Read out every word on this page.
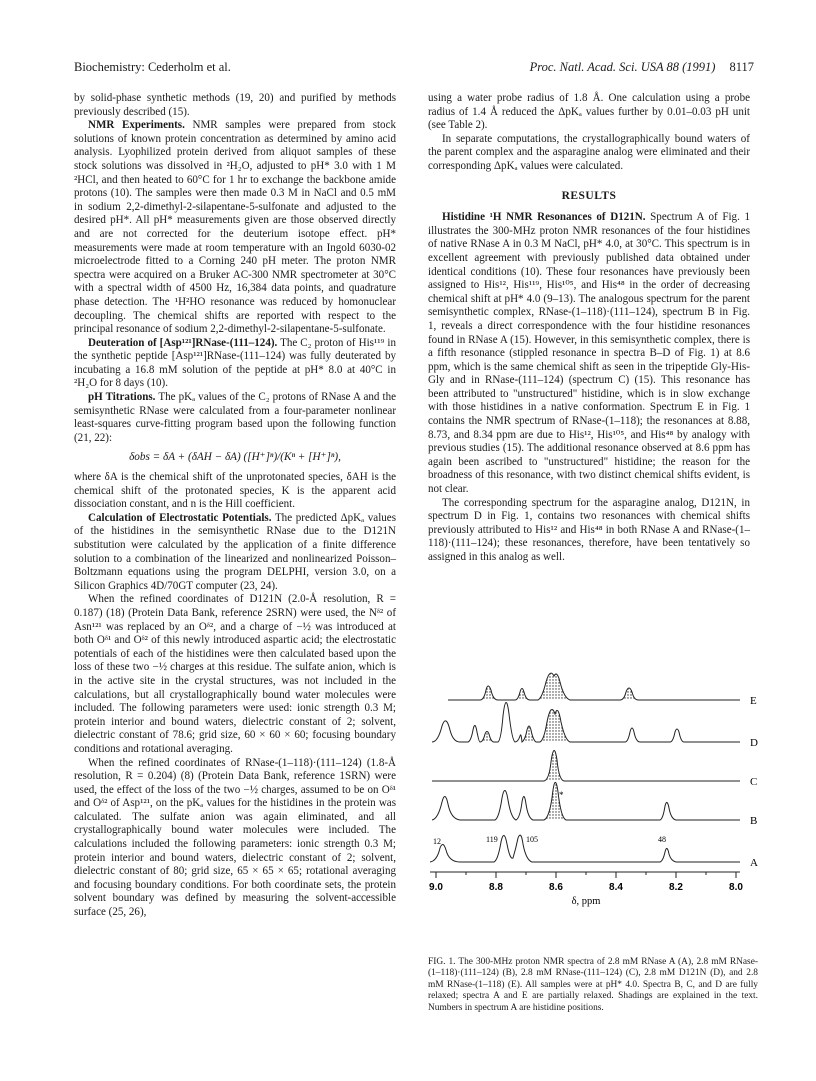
Biochemistry: Cederholm et al.	Proc. Natl. Acad. Sci. USA 88 (1991) 8117

by solid-phase synthetic methods (19, 20) and purified by methods previously described (15).

NMR Experiments. NMR samples were prepared from stock solutions of known protein concentration as determined by amino acid analysis. Lyophilized protein derived from aliquot samples of these stock solutions was dissolved in ²H₂O, adjusted to pH* 3.0 with 1 M ²HCl, and then heated to 60°C for 1 hr to exchange the backbone amide protons (10). The samples were then made 0.3 M in NaCl and 0.5 mM in sodium 2,2-dimethyl-2-silapentane-5-sulfonate and adjusted to the desired pH*. All pH* measurements given are those observed directly and are not corrected for the deuterium isotope effect. pH* measurements were made at room temperature with an Ingold 6030-02 microelectrode fitted to a Corning 240 pH meter. The proton NMR spectra were acquired on a Bruker AC-300 NMR spectrometer at 30°C with a spectral width of 4500 Hz, 16,384 data points, and quadrature phase detection. The ¹H²HO resonance was reduced by homonuclear decoupling. The chemical shifts are reported with respect to the principal resonance of sodium 2,2-dimethyl-2-silapentane-5-sulfonate.

Deuteration of [Asp¹²¹]RNase-(111–124). The C₂ proton of His¹¹⁹ in the synthetic peptide [Asp¹²¹]RNase-(111–124) was fully deuterated by incubating a 16.8 mM solution of the peptide at pH* 8.0 at 40°C in ²H₂O for 8 days (10).

pH Titrations. The pKₐ values of the C₂ protons of RNase A and the semisynthetic RNase were calculated from a four-parameter nonlinear least-squares curve-fitting program based upon the following function (21, 22):

δobs = δA + (δAH − δA) ([H⁺]ⁿ)/(Kⁿ + [H⁺]ⁿ),

where δA is the chemical shift of the unprotonated species, δAH is the chemical shift of the protonated species, K is the apparent acid dissociation constant, and n is the Hill coefficient.

Calculation of Electrostatic Potentials. The predicted ΔpKₐ values of the histidines in the semisynthetic RNase due to the D121N substitution were calculated by the application of a finite difference solution to a combination of the linearized and nonlinearized Poisson–Boltzmann equations using the program DELPHI, version 3.0, on a Silicon Graphics 4D/70GT computer (23, 24).

When the refined coordinates of D121N (2.0-Å resolution, R = 0.187) (18) (Protein Data Bank, reference 2SRN) were used, the Nᵟ² of Asn¹²¹ was replaced by an Oᵟ², and a charge of −½ was introduced at both Oᵟ¹ and Oᵟ² of this newly introduced aspartic acid; the electrostatic potentials of each of the histidines were then calculated based upon the loss of these two −½ charges at this residue. The sulfate anion, which is in the active site in the crystal structures, was not included in the calculations, but all crystallographically bound water molecules were included. The following parameters were used: ionic strength 0.3 M; protein interior and bound waters, dielectric constant of 2; solvent, dielectric constant of 78.6; grid size, 60 × 60 × 60; focusing boundary conditions and rotational averaging.

When the refined coordinates of RNase-(1–118)·(111–124) (1.8-Å resolution, R = 0.204) (8) (Protein Data Bank, reference 1SRN) were used, the effect of the loss of the two −½ charges, assumed to be on Oᵟ¹ and Oᵟ² of Asp¹²¹, on the pKₐ values for the histidines in the protein was calculated. The sulfate anion was again eliminated, and all crystallographically bound water molecules were included. The calculations included the following parameters: ionic strength 0.3 M; protein interior and bound waters, dielectric constant of 2; solvent, dielectric constant of 80; grid size, 65 × 65 × 65; rotational averaging and focusing boundary conditions. For both coordinate sets, the protein solvent boundary was defined by measuring the solvent-accessible surface (25, 26),

using a water probe radius of 1.8 Å. One calculation using a probe radius of 1.4 Å reduced the ΔpKₐ values further by 0.01–0.03 pH unit (see Table 2).

In separate computations, the crystallographically bound waters of the parent complex and the asparagine analog were eliminated and their corresponding ΔpKₐ values were calculated.

RESULTS

Histidine ¹H NMR Resonances of D121N. Spectrum A of Fig. 1 illustrates the 300-MHz proton NMR resonances of the four histidines of native RNase A in 0.3 M NaCl, pH* 4.0, at 30°C. This spectrum is in excellent agreement with previously published data obtained under identical conditions (10). These four resonances have previously been assigned to His¹², His¹¹⁹, His¹⁰⁵, and His⁴⁸ in the order of decreasing chemical shift at pH* 4.0 (9–13). The analogous spectrum for the parent semisynthetic complex, RNase-(1–118)·(111–124), spectrum B in Fig. 1, reveals a direct correspondence with the four histidine resonances found in RNase A (15). However, in this semisynthetic complex, there is a fifth resonance (stippled resonance in spectra B–D of Fig. 1) at 8.6 ppm, which is the same chemical shift as seen in the tripeptide Gly-His-Gly and in RNase-(111–124) (spectrum C) (15). This resonance has been attributed to "unstructured" histidine, which is in slow exchange with those histidines in a native conformation. Spectrum E in Fig. 1 contains the NMR spectrum of RNase-(1–118); the resonances at 8.88, 8.73, and 8.34 ppm are due to His¹², His¹⁰⁵, and His⁴⁸ by analogy with previous studies (15). The additional resonance observed at 8.6 ppm has again been ascribed to "unstructured" histidine; the reason for the broadness of this resonance, with two distinct chemical shifts evident, is not clear.

The corresponding spectrum for the asparagine analog, D121N, in spectrum D in Fig. 1, contains two resonances with chemical shifts previously attributed to His¹² and His⁴⁸ in both RNase A and RNase-(1–118)·(111–124); these resonances, therefore, have been tentatively so assigned in this analog as well.

E
D
C
*
B
12	119	105	48
A
9.0	8.8	8.6	8.4	8.2	8.0
δ, ppm
FIG. 1. The 300-MHz proton NMR spectra of 2.8 mM RNase A (A), 2.8 mM RNase-(1–118)·(111–124) (B), 2.8 mM RNase-(111–124) (C), 2.8 mM D121N (D), and 2.8 mM RNase-(1–118) (E). All samples were at pH* 4.0. Spectra B, C, and D are fully relaxed; spectra A and E are partially relaxed. Shadings are explained in the text. Numbers in spectrum A are histidine positions.
